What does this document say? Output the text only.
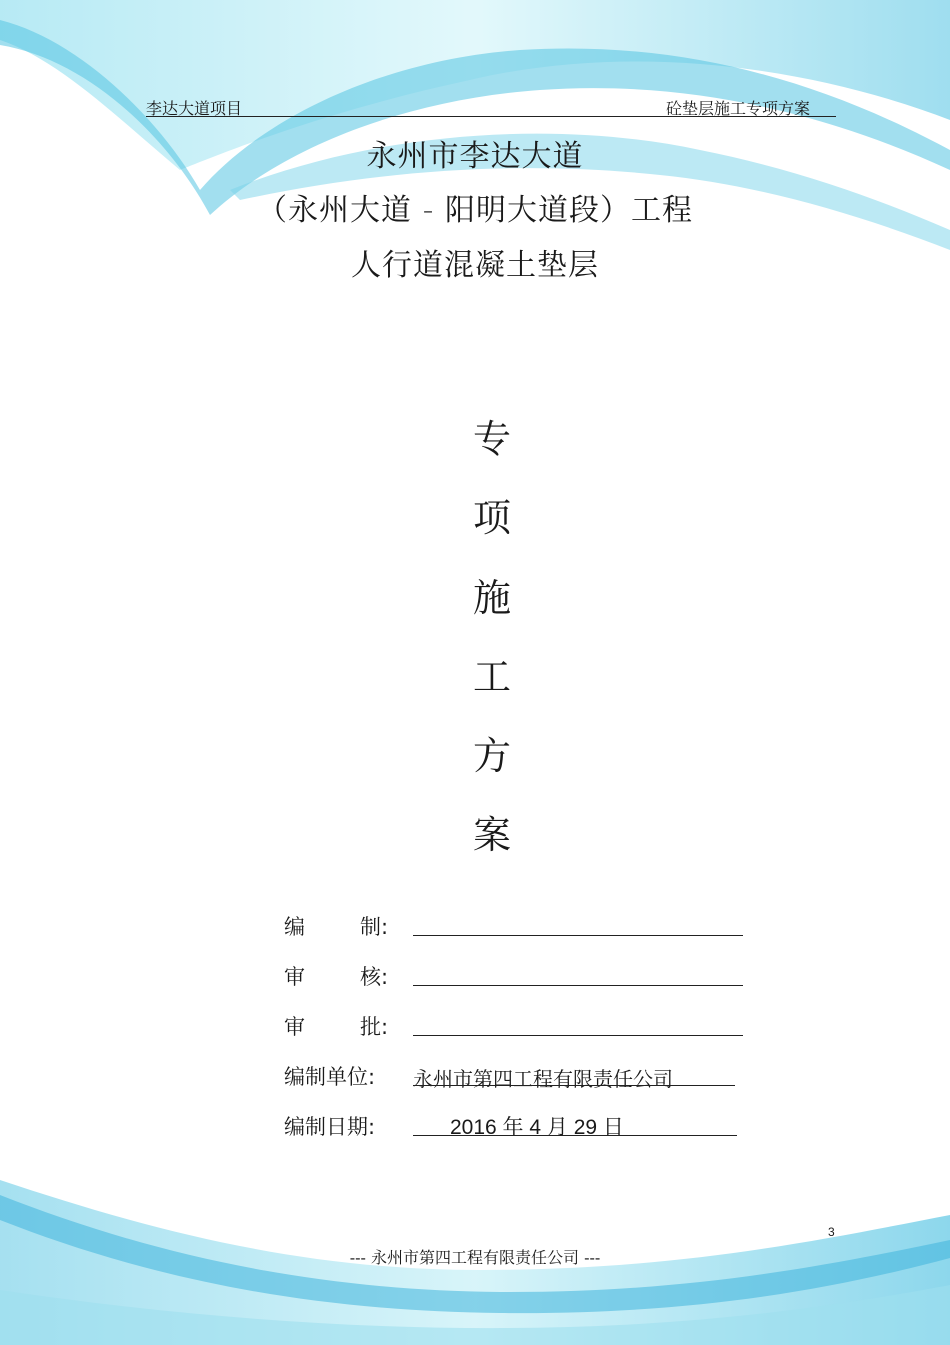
李达大道项目	砼垫层施工专项方案
永州市李达大道
（永州大道 - 阳明大道段）工程
人行道混凝土垫层
专
项
施
工
方
案
编	制:
审	核:
审	批:
编制单位: 永州市第四工程有限责任公司
编制日期:	2016 年 4 月 29 日
3
--- 永州市第四工程有限责任公司 ---
